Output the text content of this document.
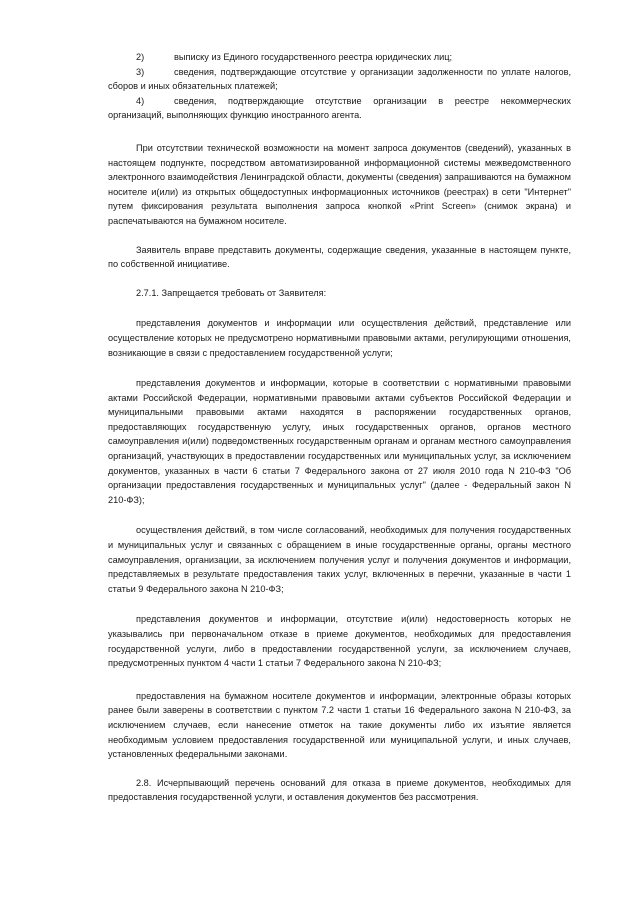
2)	выписку из Единого государственного реестра юридических лиц;
3)	сведения, подтверждающие отсутствие у организации задолженности по уплате налогов, сборов и иных обязательных платежей;
4)	сведения, подтверждающие отсутствие организации в реестре некоммерческих организаций, выполняющих функцию иностранного агента.

При отсутствии технической возможности на момент запроса документов (сведений), указанных в настоящем подпункте, посредством автоматизированной информационной системы межведомственного электронного взаимодействия Ленинградской области, документы (сведения) запрашиваются на бумажном носителе и(или) из открытых общедоступных информационных источников (реестрах) в сети "Интернет" путем фиксирования результата выполнения запроса кнопкой «Print Screen» (снимок экрана) и распечатываются на бумажном носителе.

Заявитель вправе представить документы, содержащие сведения, указанные в настоящем пункте, по собственной инициативе.

2.7.1. Запрещается требовать от Заявителя:

представления документов и информации или осуществления действий, представление или осуществление которых не предусмотрено нормативными правовыми актами, регулирующими отношения, возникающие в связи с предоставлением государственной услуги;

представления документов и информации, которые в соответствии с нормативными правовыми актами Российской Федерации, нормативными правовыми актами субъектов Российской Федерации и муниципальными правовыми актами находятся в распоряжении государственных органов, предоставляющих государственную услугу, иных государственных органов, органов местного самоуправления и(или) подведомственных государственным органам и органам местного самоуправления организаций, участвующих в предоставлении государственных или муниципальных услуг, за исключением документов, указанных в части 6 статьи 7 Федерального закона от 27 июля 2010 года N 210-ФЗ "Об организации предоставления государственных и муниципальных услуг" (далее - Федеральный закон N 210-ФЗ);

осуществления действий, в том числе согласований, необходимых для получения государственных и муниципальных услуг и связанных с обращением в иные государственные органы, органы местного самоуправления, организации, за исключением получения услуг и получения документов и информации, представляемых в результате предоставления таких услуг, включенных в перечни, указанные в части 1 статьи 9 Федерального закона N 210-ФЗ;

представления документов и информации, отсутствие и(или) недостоверность которых не указывались при первоначальном отказе в приеме документов, необходимых для предоставления государственной услуги, либо в предоставлении государственной услуги, за исключением случаев, предусмотренных пунктом 4 части 1 статьи 7 Федерального закона N 210-ФЗ;

предоставления на бумажном носителе документов и информации, электронные образы которых ранее были заверены в соответствии с пунктом 7.2 части 1 статьи 16 Федерального закона N 210-ФЗ, за исключением случаев, если нанесение отметок на такие документы либо их изъятие является необходимым условием предоставления государственной или муниципальной услуги, и иных случаев, установленных федеральными законами.

2.8. Исчерпывающий перечень оснований для отказа в приеме документов, необходимых для предоставления государственной услуги, и оставления документов без рассмотрения.
